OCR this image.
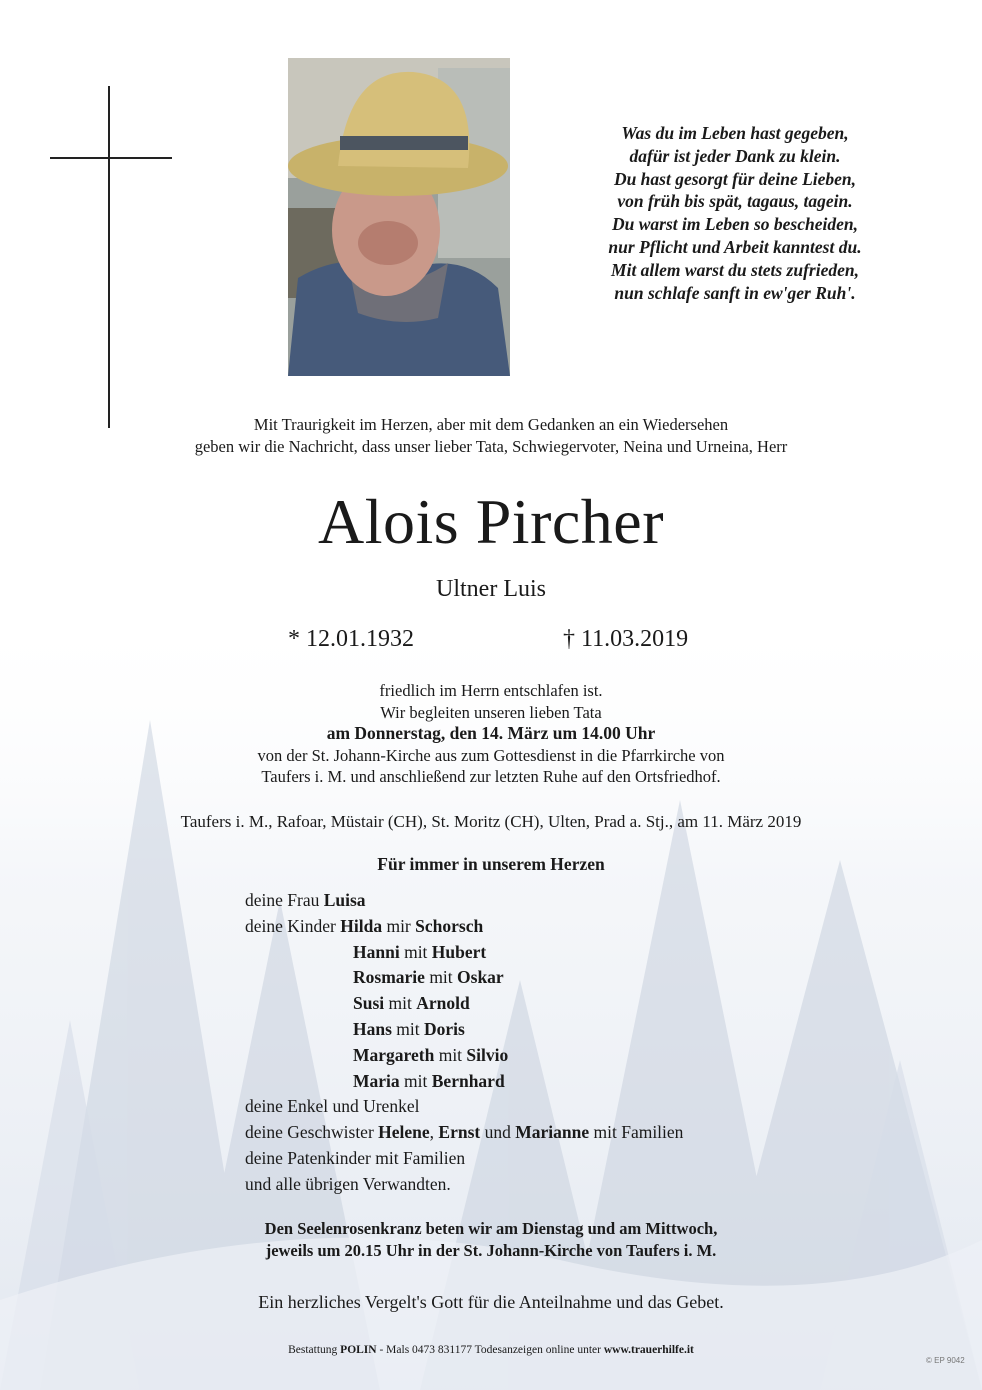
Was du im Leben hast gegeben,
dafür ist jeder Dank zu klein.
Du hast gesorgt für deine Lieben,
von früh bis spät, tagaus, tagein.
Du warst im Leben so bescheiden,
nur Pflicht und Arbeit kanntest du.
Mit allem warst du stets zufrieden,
nun schlafe sanft in ew'ger Ruh'.
Mit Traurigkeit im Herzen, aber mit dem Gedanken an ein Wiedersehen
geben wir die Nachricht, dass unser lieber Tata, Schwiegervoter, Neina und Urneina, Herr
Alois Pircher
Ultner Luis
* 12.01.1932	† 11.03.2019
friedlich im Herrn entschlafen ist.
Wir begleiten unseren lieben Tata
am Donnerstag, den 14. März um 14.00 Uhr
von der St. Johann-Kirche aus zum Gottesdienst in die Pfarrkirche von
Taufers i. M. und anschließend zur letzten Ruhe auf den Ortsfriedhof.
Taufers i. M., Rafoar, Müstair (CH), St. Moritz (CH), Ulten, Prad a. Stj., am 11. März 2019
Für immer in unserem Herzen
deine Frau Luisa
deine Kinder Hilda mir Schorsch
Hanni mit Hubert
Rosmarie mit Oskar
Susi mit Arnold
Hans mit Doris
Margareth mit Silvio
Maria mit Bernhard
deine Enkel und Urenkel
deine Geschwister Helene, Ernst und Marianne mit Familien
deine Patenkinder mit Familien
und alle übrigen Verwandten.
Den Seelenrosenkranz beten wir am Dienstag und am Mittwoch,
jeweils um 20.15 Uhr in der St. Johann-Kirche von Taufers i. M.
Ein herzliches Vergelt's Gott für die Anteilnahme und das Gebet.
Bestattung POLIN - Mals 0473 831177 Todesanzeigen online unter www.trauerhilfe.it
© EP 9042
